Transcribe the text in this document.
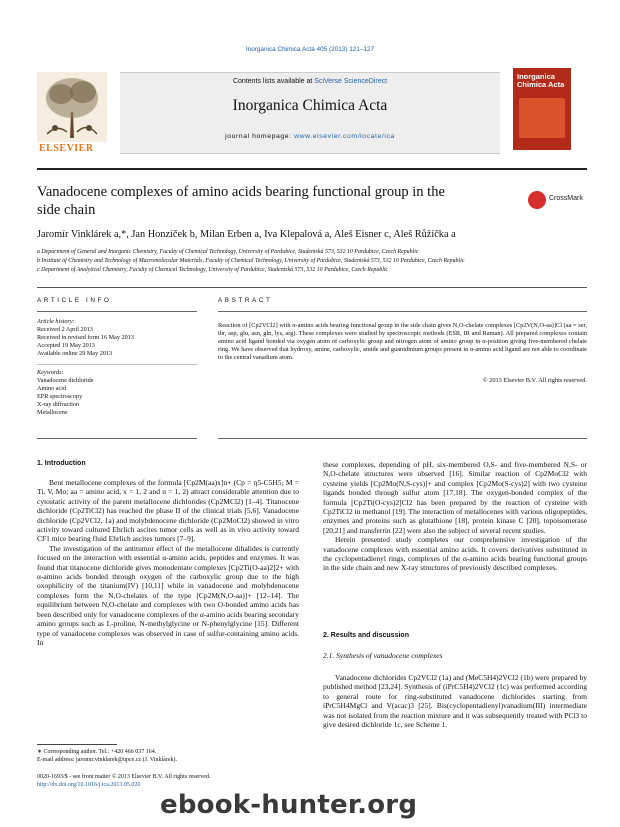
Inorganica Chimica Acta 405 (2013) 121–127
ELSEVIER
Contents lists available at SciVerse ScienceDirect
Inorganica Chimica Acta
journal homepage: www.elsevier.com/locate/ica
Inorganica Chimica Acta
Vanadocene complexes of amino acids bearing functional group in the side chain
CrossMark
Jaromír Vinklárek a,*, Jan Honzíček b, Milan Erben a, Iva Klepalová a, Aleš Eisner c, Aleš Růžička a
a Department of General and Inorganic Chemistry, Faculty of Chemical Technology, University of Pardubice, Studentská 573, 532 10 Pardubice, Czech Republic
b Institute of Chemistry and Technology of Macromolecular Materials, Faculty of Chemical Technology, University of Pardubice, Studentská 573, 532 10 Pardubice, Czech Republic
c Department of Analytical Chemistry, Faculty of Chemical Technology, University of Pardubice, Studentská 573, 532 10 Pardubice, Czech Republic
ARTICLE INFO	ABSTRACT
Article history:
Received 2 April 2013
Received in revised form 16 May 2013
Accepted 19 May 2013
Available online 29 May 2013
Keywords:
Vanadocene dichloride
Amino acid
EPR spectroscopy
X-ray diffraction
Metallocene
Reaction of [Cp2VCl2] with α-amino acids bearing functional group in the side chain gives N,O-chelate complexes [Cp2V(N,O-aa)]Cl (aa = ser, thr, asp, glu, asn, gln, lys, arg). These complexes were studied by spectroscopic methods (ESR, IR and Raman). All prepared complexes contain amino acid ligand bonded via oxygen atom of carboxylic group and nitrogen atom of amino group in α-position giving five-membered chelate ring. We have observed that hydroxy, amine, carboxylic, amide and guanidinium groups present in α-amino acid ligand are not able to coordinate to the central vanadium atom.
© 2013 Elsevier B.V. All rights reserved.
1. Introduction

Bent metallocene complexes of the formula [Cp2M(aa)x]n+ (Cp = η5-C5H5; M = Ti, V, Mo; aa = amino acid, x = 1, 2 and n = 1, 2) attract considerable attention due to cytostatic activity of the parent metallocene dichlorides (Cp2MCl2) [1–4]. Titanocene dichloride (Cp2TiCl2) has reached the phase II of the clinical trials [5,6]. Vanadocene dichloride (Cp2VCl2, 1a) and molybdenocene dichloride (Cp2MoCl2) showed in vitro activity toward cultured Ehrlich ascites tumor cells as well as in vivo activity toward CF1 mice bearing fluid Ehrlich ascites tumors [7–9].

The investigation of the antitumor effect of the metallocene dihalides is currently focused on the interaction with essential α-amino acids, peptides and enzymes. It was found that titanocene dichloride gives monodentate complexes [Cp2Ti(O-aa)2]2+ with α-amino acids bonded through oxygen of the carboxylic group due to the high oxophilicity of the titanium(IV) [10,11] while in vanadocene and molybdenocene complexes form the N,O-chelates of the type [Cp2M(N,O-aa)]+ [12–14]. The equilibrium between N,O-chelate and complexes with two O-bonded amino acids has been described only for vanadocene complexes of the α-amino acids bearing secondary amino groups such as L-proline, N-methylglycine or N-phenylglycine [15]. Different type of vanadocene complexes was observed in case of sulfur-containing amino acids. In

these complexes, depending of pH, six-membered O,S- and five-membered N,S- or N,O-chelate structures were observed [16]. Similar reaction of Cp2MoCl2 with cysteine yields [Cp2Mo(N,S-cys)]+ and complex [Cp2Mo(S-cys)2] with two cysteine ligands bonded through sulfur atom [17,18]. The oxygen-bonded complex of the formula [Cp2Ti(O-cys)2]Cl2 has been prepared by the reaction of cysteine with Cp2TiCl2 in methanol [19]. The interaction of metallocenes with various oligopeptides, enzymes and proteins such as glutathione [18], protein kinase C [20], topoisomerase [20,21] and transferrin [22] were also the subject of several recent studies.

Herein presented study completes our comprehensive investigation of the vanadocene complexes with essential amino acids. It covers derivatives substituted in the cyclopentadienyl rings, complexes of the α-amino acids bearing functional groups in the side chain and new X-ray structures of previously described complexes.

2. Results and discussion
2.1. Synthesis of vanadocene complexes

Vanadocene dichlorides Cp2VCl2 (1a) and (MeC5H4)2VCl2 (1b) were prepared by published method [23,24]. Synthesis of (iPrC5H4)2VCl2 (1c) was performed according to general route for ring-substituted vanadocene dichlorides starting from iPrC5H4MgCl and V(acac)3 [25]. Bis(cyclopentadienyl)vanadium(III) intermediate was not isolated from the reaction mixture and it was subsequently treated with PCl3 to give desired dichloride 1c, see Scheme 1.

∗ Corresponding author. Tel.: +420 466 037 164.
E-mail address: jaromir.vinklarek@upce.cz (J. Vinklárek).
0020-1693/$ - see front matter © 2013 Elsevier B.V. All rights reserved.
http://dx.doi.org/10.1016/j.ica.2013.05.020
ebook-hunter.org
